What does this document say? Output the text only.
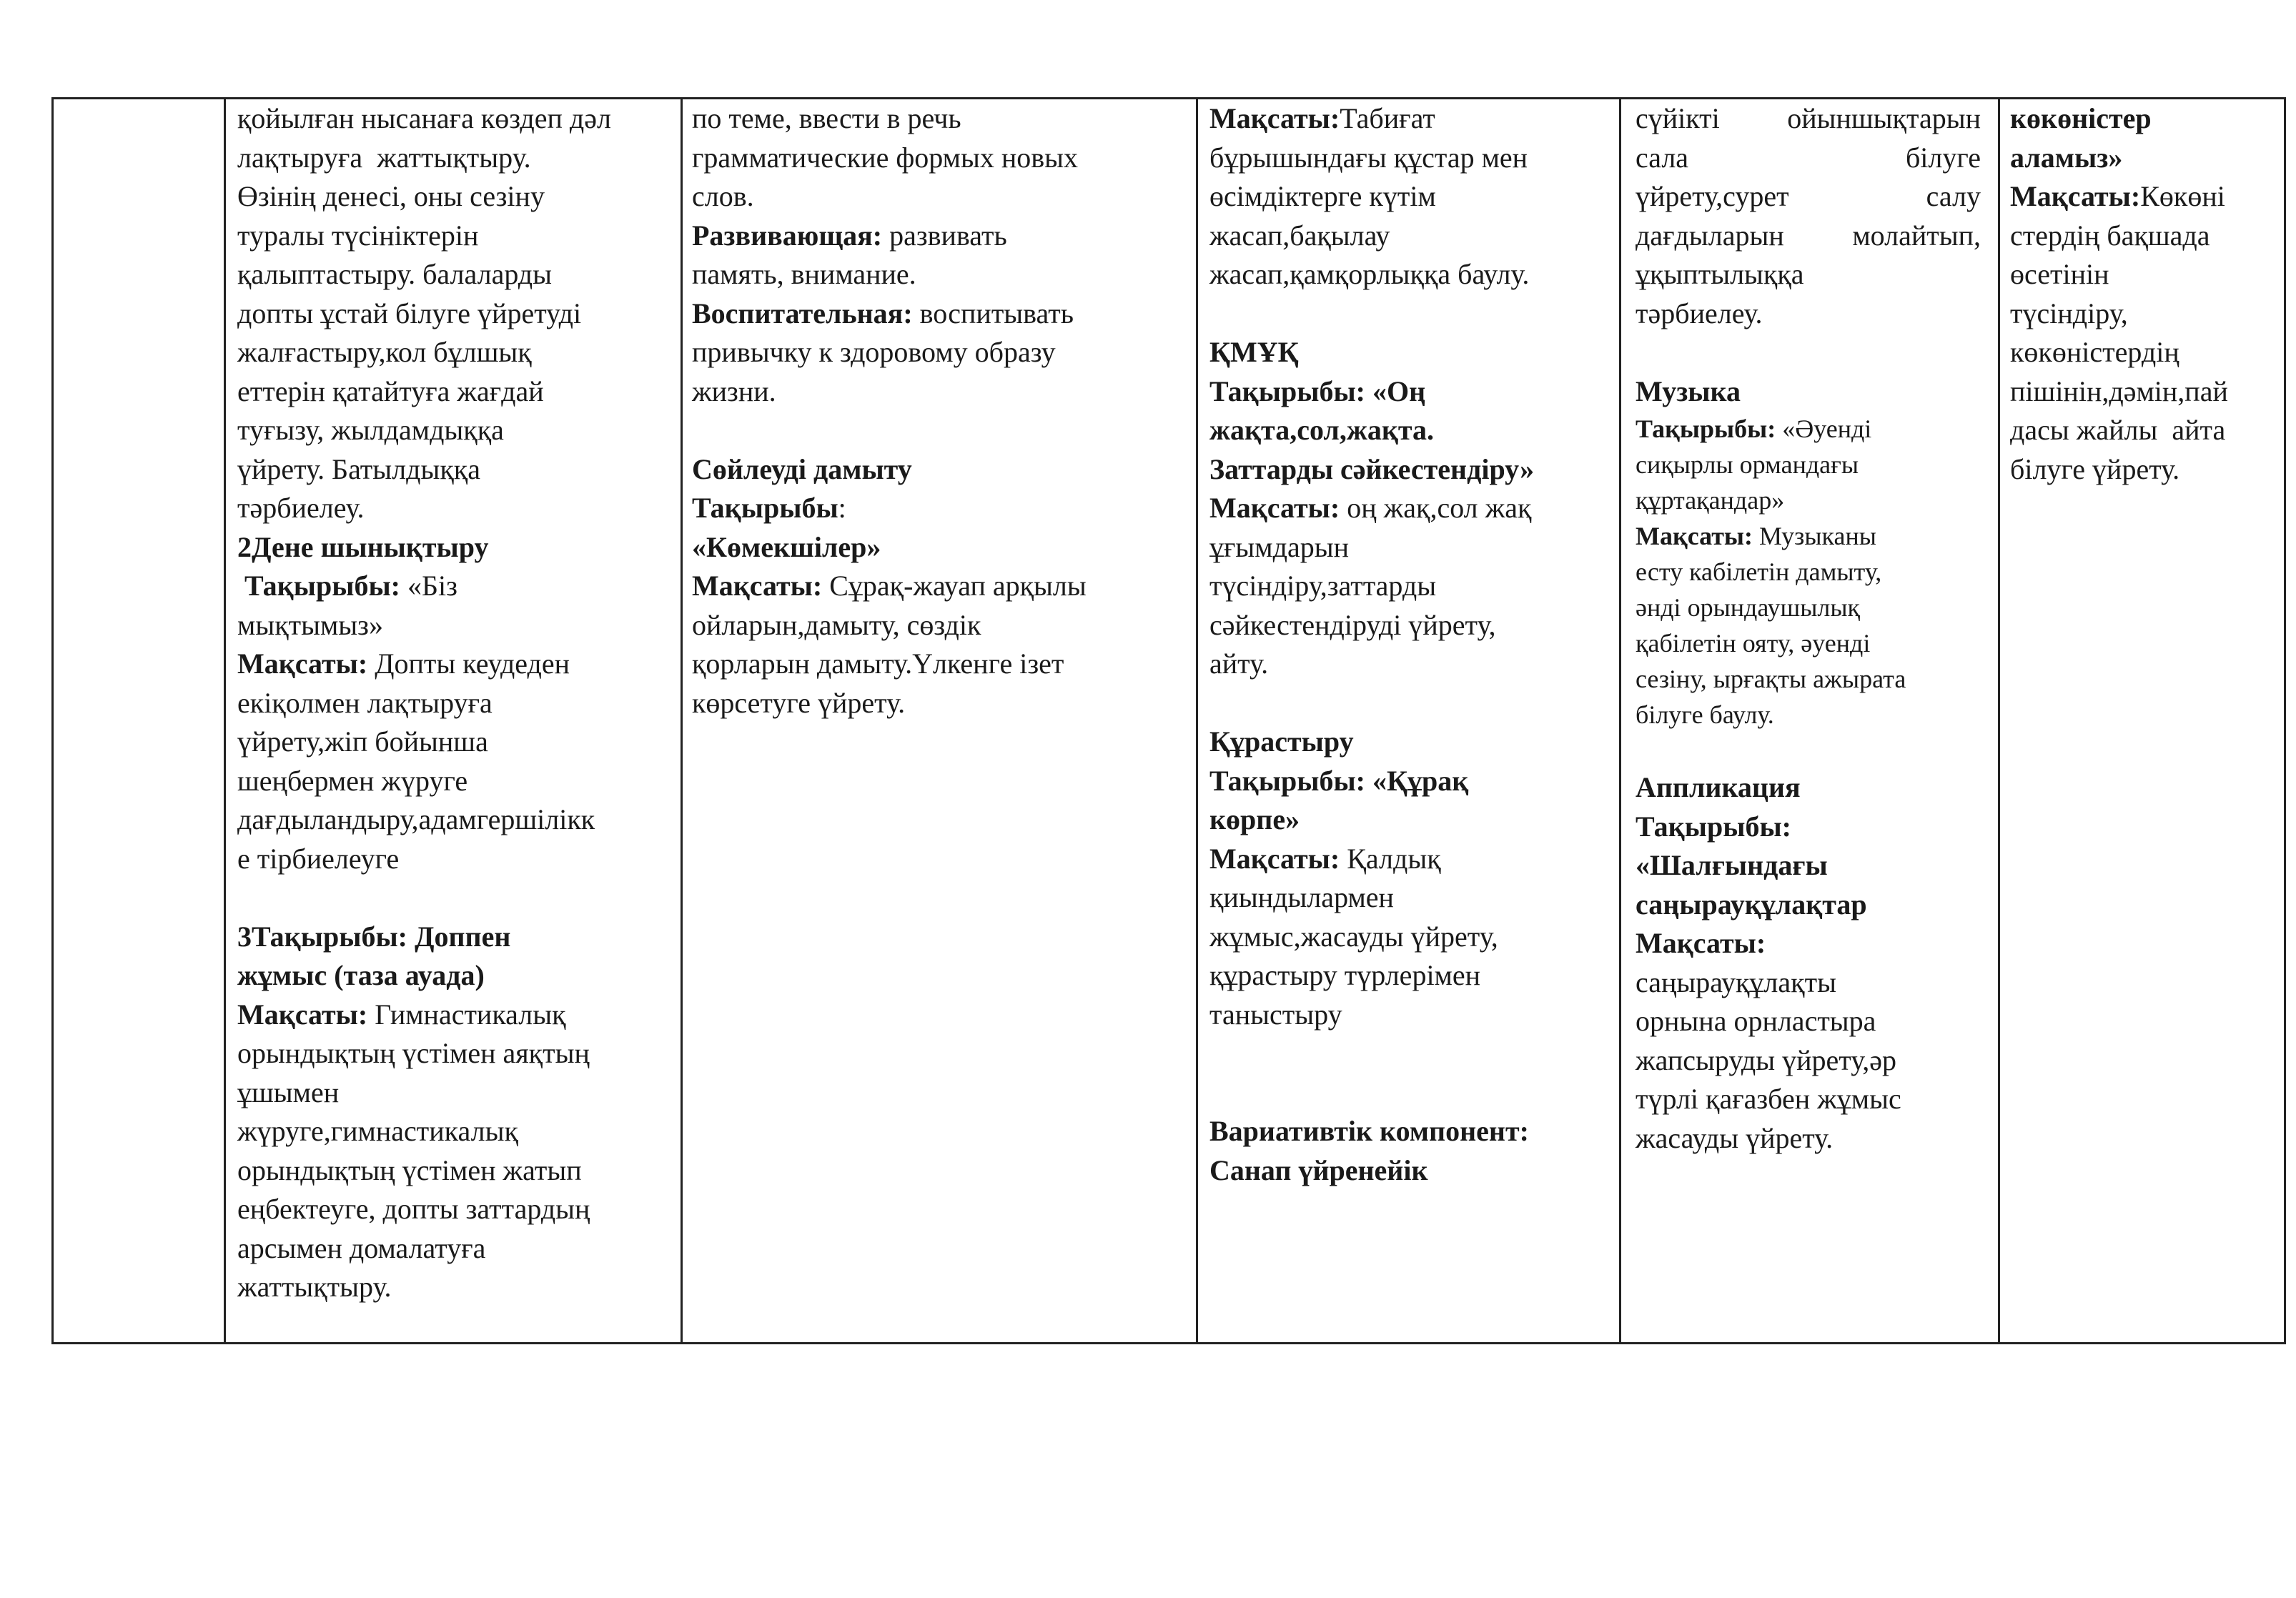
қойылған нысанаға көздеп дәл
лақтыруға  жаттықтыру.
Өзінің денесі, оны сезіну
туралы түсініктерін
қалыптастыру. балаларды
допты ұстай білуге үйретуді
жалғастыру,кол бұлшық
еттерін қатайтуға жағдай
туғызу, жылдамдыққа
үйрету. Батылдыққа
тәрбиелеу.
2Дене шынықтыру
Тақырыбы: «Біз
мықтымыз»
Мақсаты: Допты кеудеден
екіқолмен лақтыруға
үйрету,жіп бойынша
шеңбермен жүруге
дағдыландыру,адамгершілікк
е тірбиелеуге
3Тақырыбы: Доппен
жұмыс (таза ауада)
Мақсаты: Гимнастикалық
орындықтың үстімен аяқтың
ұшымен
жүруге,гимнастикалық
орындықтың үстімен жатып
еңбектеуге, допты заттардың
арсымен домалатуға
жаттықтыру.
по теме, ввести в речь
грамматические формых новых
слов.
Развивающая: развивать
память, внимание.
Воспитательная: воспитывать
привычку к здоровому образу
жизни.
Сөйлеуді дамыту
Тақырыбы:
«Көмекшілер»
Мақсаты: Сұрақ-жауап арқылы
ойларын,дамыту, сөздік
қорларын дамыту.Үлкенге ізет
көрсетуге үйрету.
Мақсаты:Табиғат
бұрышындағы құстар мен
өсімдіктерге күтім
жасап,бақылау
жасап,қамқорлыққа баулу.
ҚМҰҚ
Тақырыбы: «Оң
жақта,сол,жақта.
Заттарды сәйкестендіру»
Мақсаты: оң жақ,сол жақ
ұғымдарын
түсіндіру,заттарды
сәйкестендіруді үйрету,
айту.
Құрастыру
Тақырыбы: «Құрақ
көрпе»
Мақсаты: Қалдық
қиындылармен
жұмыс,жасауды үйрету,
құрастыру түрлерімен
таныстыру
Вариативтік компонент:
Санап үйренейік
сүйікті ойыншықтарын
сала білуге
үйрету,сурет салу
дағдыларын молайтып,
ұқыптылыққа
тәрбиелеу.
Музыка
Тақырыбы: «Әуенді
сиқырлы ормандағы
құртақандар»
Мақсаты: Музыканы
есту кабілетін дамыту,
әнді орындаушылық
қабілетін ояту, әуенді
сезіну, ырғақты ажырата
білуге баулу.
Аппликация
Тақырыбы:
«Шалғындағы
саңырауқұлақтар
Мақсаты:
саңырауқұлақты
орнына орнластыра
жапсыруды үйрету,әр
түрлі қағазбен жұмыс
жасауды үйрету.
көкөністер
аламыз»
Мақсаты:Көкөні
стердің бақшада
өсетінін
түсіндіру,
көкөністердің
пішінін,дәмін,пай
дасы жайлы  айта
білуге үйрету.
